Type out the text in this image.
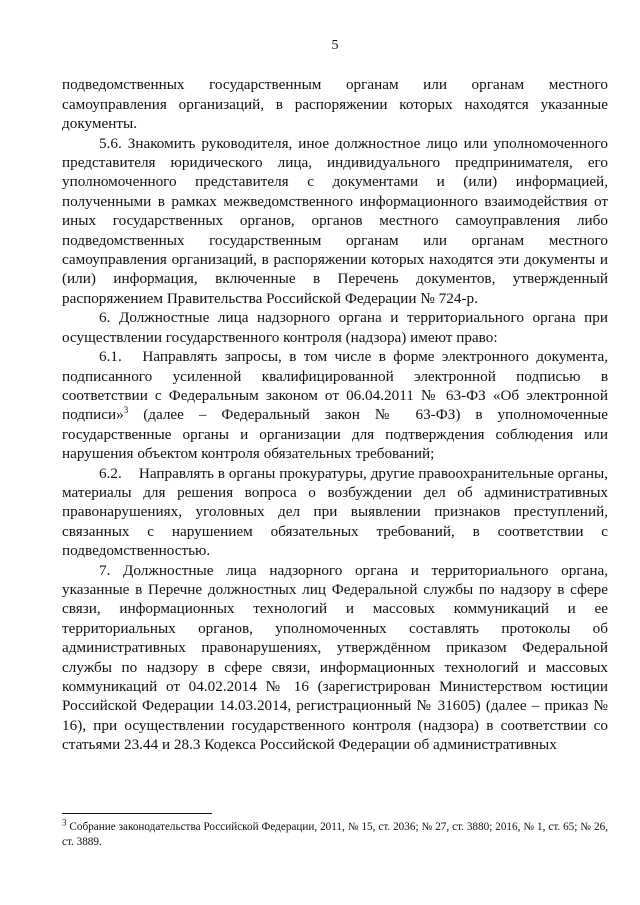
5

подведомственных государственным органам или органам местного самоуправления организаций, в распоряжении которых находятся указанные документы.

5.6. Знакомить руководителя, иное должностное лицо или уполномоченного представителя юридического лица, индивидуального предпринимателя, его уполномоченного представителя с документами и (или) информацией, полученными в рамках межведомственного информационного взаимодействия от иных государственных органов, органов местного самоуправления либо подведомственных государственным органам или органам местного самоуправления организаций, в распоряжении которых находятся эти документы и (или) информация, включенные в Перечень документов, утвержденный распоряжением Правительства Российской Федерации № 724-р.

6. Должностные лица надзорного органа и территориального органа при осуществлении государственного контроля (надзора) имеют право:

6.1. Направлять запросы, в том числе в форме электронного документа, подписанного усиленной квалифицированной электронной подписью в соответствии с Федеральным законом от 06.04.2011 № 63-ФЗ «Об электронной подписи»$^3$ (далее – Федеральный закон № 63-ФЗ) в уполномоченные государственные органы и организации для подтверждения соблюдения или нарушения объектом контроля обязательных требований;

6.2. Направлять в органы прокуратуры, другие правоохранительные органы, материалы для решения вопроса о возбуждении дел об административных правонарушениях, уголовных дел при выявлении признаков преступлений, связанных с нарушением обязательных требований, в соответствии с подведомственностью.

7. Должностные лица надзорного органа и территориального органа, указанные в Перечне должностных лиц Федеральной службы по надзору в сфере связи, информационных технологий и массовых коммуникаций и ее территориальных органов, уполномоченных составлять протоколы об административных правонарушениях, утверждённом приказом Федеральной службы по надзору в сфере связи, информационных технологий и массовых коммуникаций от 04.02.2014 № 16 (зарегистрирован Министерством юстиции Российской Федерации 14.03.2014, регистрационный № 31605) (далее – приказ № 16), при осуществлении государственного контроля (надзора) в соответствии со статьями 23.44 и 28.3 Кодекса Российской Федерации об административных

$^3$ Собрание законодательства Российской Федерации, 2011, № 15, ст. 2036; № 27, ст. 3880; 2016, № 1, ст. 65; № 26, ст. 3889.
